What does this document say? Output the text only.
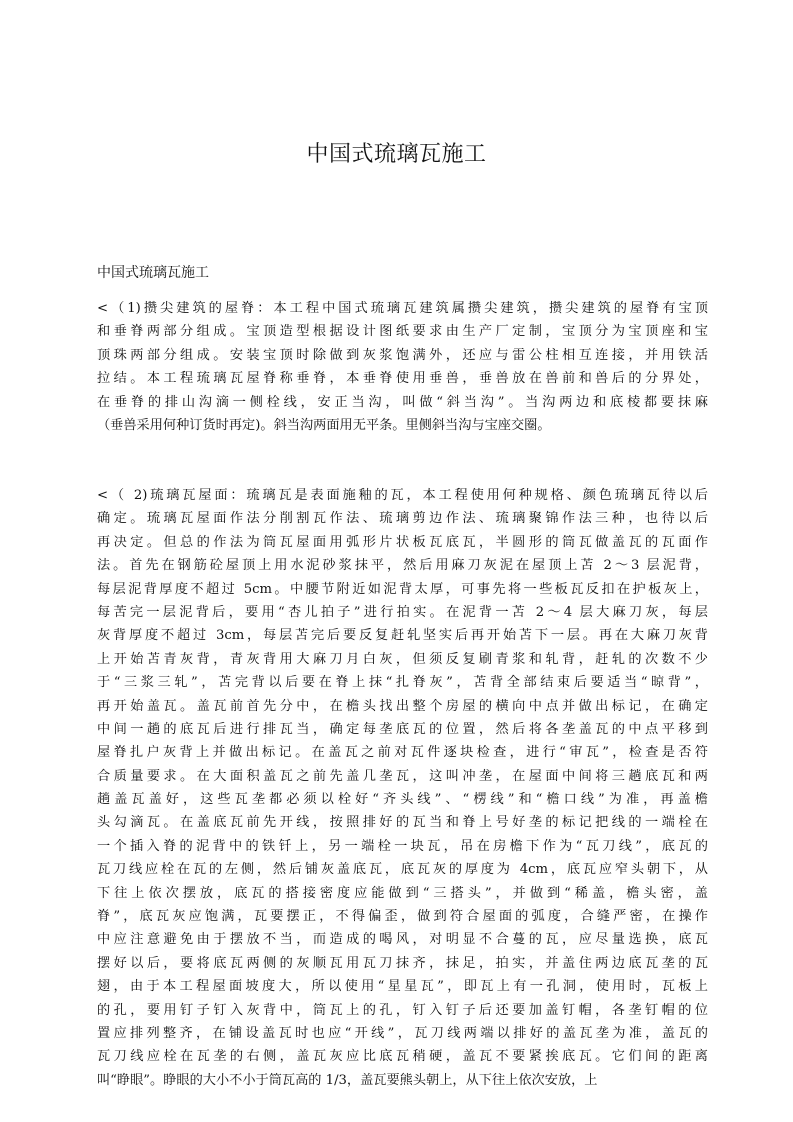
中国式琉璃瓦施工

中国式琉璃瓦施工

<（1)攒尖建筑的屋脊：本工程中国式琉璃瓦建筑属攒尖建筑，攒尖建筑的屋脊有宝顶
和垂脊两部分组成。宝顶造型根据设计图纸要求由生产厂定制，宝顶分为宝顶座和宝
顶珠两部分组成。安装宝顶时除做到灰浆饱满外，还应与雷公柱相互连接，并用铁活
拉结。本工程琉璃瓦屋脊称垂脊，本垂脊使用垂兽，垂兽放在兽前和兽后的分界处，
在垂脊的排山沟滴一侧栓线，安正当沟，叫做“斜当沟”。当沟两边和底棱都要抹麻
（垂兽采用何种订货时再定)。斜当沟两面用无平条。里侧斜当沟与宝座交圈。
<（ 2)琉璃瓦屋面：琉璃瓦是表面施釉的瓦，本工程使用何种规格、颜色琉璃瓦待以后
确定。琉璃瓦屋面作法分削割瓦作法、琉璃剪边作法、琉璃聚锦作法三种，也待以后
再决定。但总的作法为筒瓦屋面用弧形片状板瓦底瓦，半圆形的筒瓦做盖瓦的瓦面作
法。首先在钢筋砼屋顶上用水泥砂浆抹平，然后用麻刀灰泥在屋顶上苫 2～3 层泥背，
每层泥背厚度不超过 5cm。中腰节附近如泥背太厚，可事先将一些板瓦反扣在护板灰上，
每苦完一层泥背后，要用“杏儿拍子”进行拍实。在泥背一苫 2～4 层大麻刀灰，每层
灰背厚度不超过 3cm，每层苫完后要反复赶轧坚实后再开始苫下一层。再在大麻刀灰背
上开始苫青灰背，青灰背用大麻刀月白灰，但须反复刷青浆和轧背，赶轧的次数不少
于“三浆三轧”，苫完背以后要在脊上抹“扎脊灰”，苫背全部结束后要适当“晾背”，
再开始盖瓦。盖瓦前首先分中，在檐头找出整个房屋的横向中点并做出标记，在确定
中间一趟的底瓦后进行排瓦当，确定每垄底瓦的位置，然后将各垄盖瓦的中点平移到
屋脊扎户灰背上并做出标记。在盖瓦之前对瓦件逐块检查，进行“审瓦”，检查是否符
合质量要求。在大面积盖瓦之前先盖几垄瓦，这叫冲垄，在屋面中间将三趟底瓦和两
趟盖瓦盖好，这些瓦垄都必须以栓好“齐头线”、“楞线”和“檐口线”为准，再盖檐
头勾滴瓦。在盖底瓦前先开线，按照排好的瓦当和脊上号好垄的标记把线的一端栓在
一个插入脊的泥背中的铁钎上，另一端栓一块瓦，吊在房檐下作为“瓦刀线”，底瓦的
瓦刀线应栓在瓦的左侧，然后铺灰盖底瓦，底瓦灰的厚度为 4cm，底瓦应窄头朝下，从
下往上依次摆放，底瓦的搭接密度应能做到“三搭头”，并做到“稀盖，檐头密，盖
脊”，底瓦灰应饱满，瓦要摆正，不得偏歪，做到符合屋面的弧度，合缝严密，在操作
中应注意避免由于摆放不当，而造成的喝风，对明显不合蔓的瓦，应尽量选换，底瓦
摆好以后，要将底瓦两侧的灰顺瓦用瓦刀抹齐，抹足，拍实，并盖住两边底瓦垄的瓦
翅，由于本工程屋面坡度大，所以使用“星星瓦”，即瓦上有一孔洞，使用时，瓦板上
的孔，要用钉子钉入灰背中，筒瓦上的孔，钉入钉子后还要加盖钉帽，各垄钉帽的位
置应排列整齐，在铺设盖瓦时也应“开线”，瓦刀线两端以排好的盖瓦垄为准，盖瓦的
瓦刀线应栓在瓦垄的右侧，盖瓦灰应比底瓦稍硬，盖瓦不要紧挨底瓦。它们间的距离
叫“睁眼”。睁眼的大小不小于筒瓦高的 1/3，盖瓦要熊头朝上，从下往上依次安放，上
